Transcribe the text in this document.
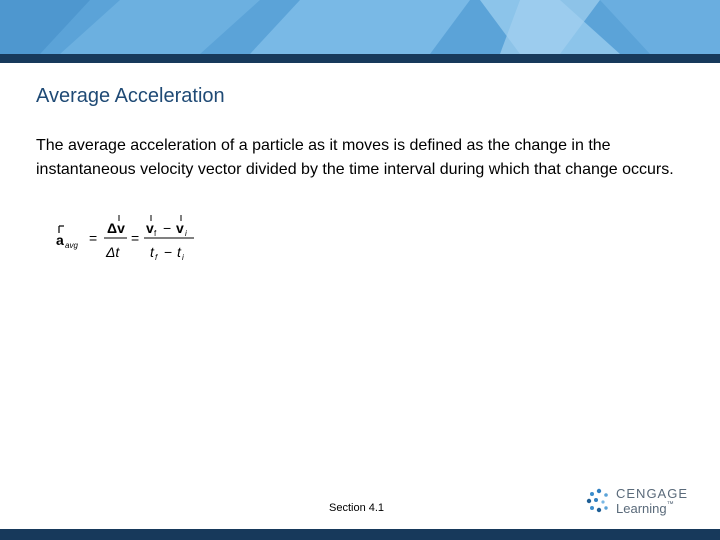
Average Acceleration
The average acceleration of a particle as it moves is defined as the change in the instantaneous velocity vector divided by the time interval during which that change occurs.
a avg =
Δv
Δt
=
v f − v i
t f − t i
Section 4.1
CENGAGE
Learning™
